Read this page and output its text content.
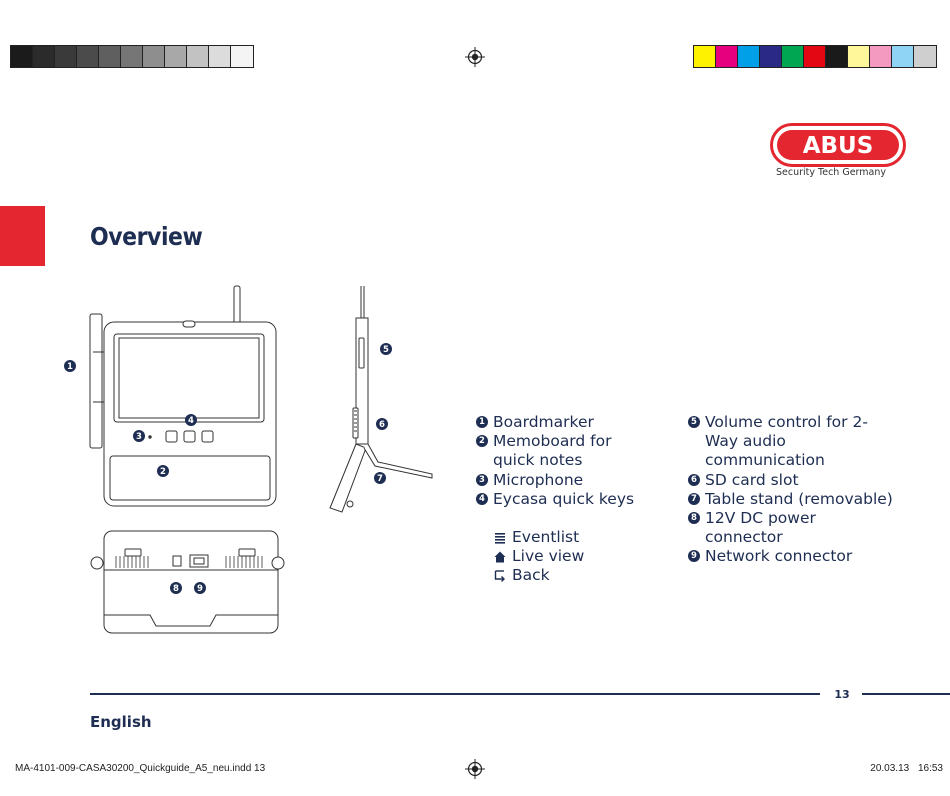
ABUS
Security Tech Germany
Overview
1
2
3
4
5
6
7
8 9
1 Boardmarker
2 Memoboard for quick notes
3 Microphone
4 Eycasa quick keys
5 Volume control for 2-Way audio communication
6 SD card slot
7 Table stand (removable)
8 12V DC power connector
9 Network connector
Eventlist
Live view
Back
13
English
MA-4101-009-CASA30200_Quickguide_A5_neu.indd 13	20.03.13 16:53
